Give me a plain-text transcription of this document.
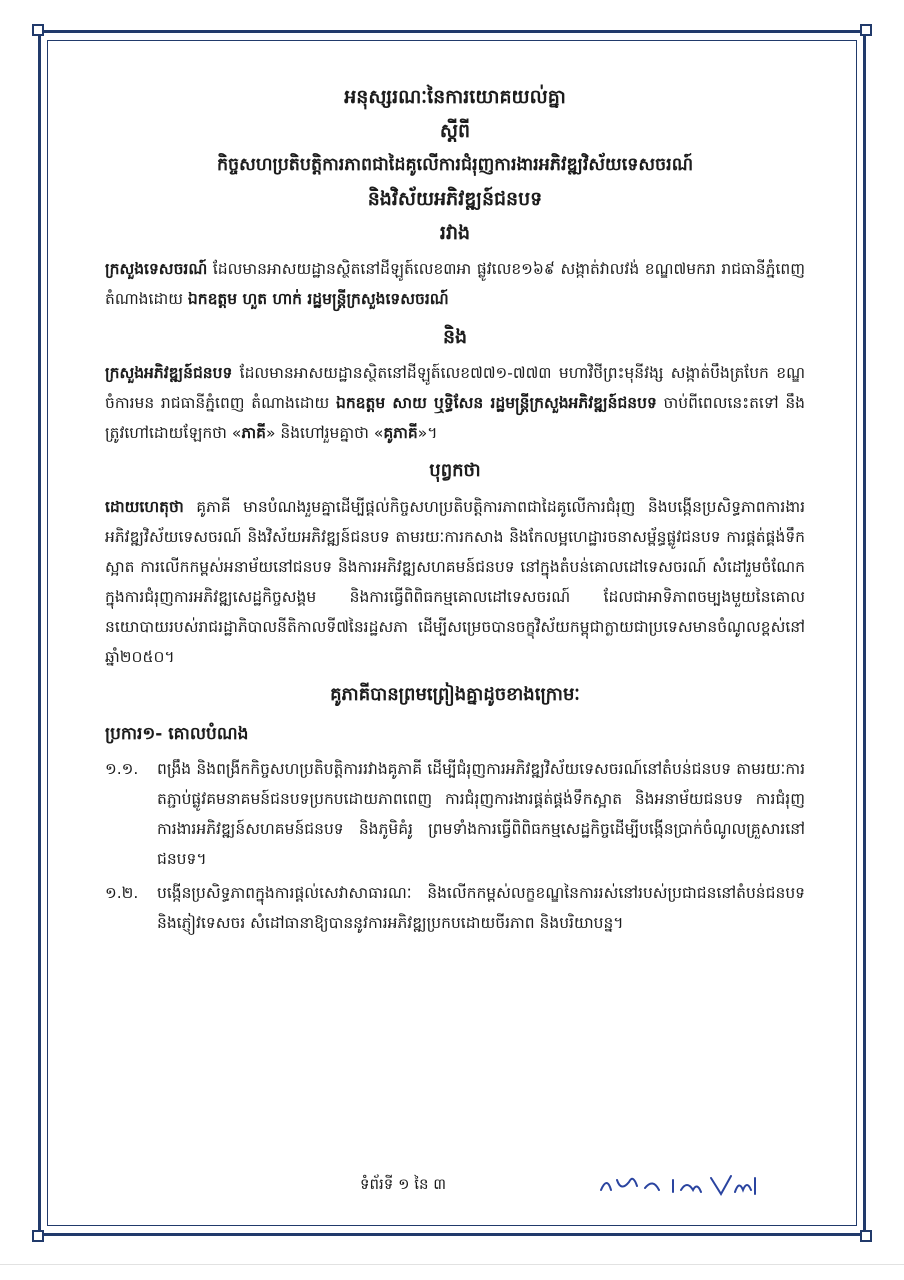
អនុស្សរណៈនៃការយោគយល់គ្នា

ស្តីពី

កិច្ចសហប្រតិបត្តិការភាពជាដៃគូលើការជំរុញការងារអភិវឌ្ឍវិស័យទេសចរណ៍

និងវិស័យអភិវឌ្ឍន៍ជនបទ

រវាង

ក្រសួងទេសចរណ៍ ដែលមានអាសយដ្ឋានស្ថិតនៅដីឡូត៍លេខ៣អា ផ្លូវលេខ១៦៩ សង្កាត់វាលវង់ ខណ្ឌ៧មករា រាជធានីភ្នំពេញ តំណាងដោយ ឯកឧត្តម ហួត ហាក់ រដ្ឋមន្ត្រីក្រសួងទេសចរណ៍

និង

ក្រសួងអភិវឌ្ឍន៍ជនបទ ដែលមានអាសយដ្ឋានស្ថិតនៅដីឡូត៍លេខ៧៧១-៧៧៣ មហាវិថីព្រះមុនីវង្ស សង្កាត់បឹងត្របែក ខណ្ឌចំការមន រាជធានីភ្នំពេញ តំណាងដោយ ឯកឧត្តម សាយ ឬទ្ធិសែន រដ្ឋមន្ត្រីក្រសួងអភិវឌ្ឍន៍ជនបទ ចាប់ពីពេលនេះតទៅ នឹងត្រូវហៅដោយឡែកថា «ភាគី» និងហៅរួមគ្នាថា «គូភាគី»។

បុព្វកថា

ដោយហេតុថា គូភាគី មានបំណងរួមគ្នាដើម្បីផ្តល់កិច្ចសហប្រតិបត្តិការភាពជាដៃគូលើការជំរុញ និងបង្កើនប្រសិទ្ធភាពការងារអភិវឌ្ឍវិស័យទេសចរណ៍ និងវិស័យអភិវឌ្ឍន៍ជនបទ តាមរយៈការកសាង និងកែលម្អហេដ្ឋារចនាសម្ព័ន្ធផ្លូវជនបទ ការផ្គត់ផ្គង់ទឹកស្អាត ការលើកកម្ពស់អនាម័យនៅជនបទ និងការអភិវឌ្ឍសហគមន៍ជនបទ នៅក្នុងតំបន់គោលដៅទេសចរណ៍ សំដៅរួមចំណែកក្នុងការជំរុញការអភិវឌ្ឍសេដ្ឋកិច្ចសង្គម និងការធ្វើពិពិធកម្មគោលដៅទេសចរណ៍ ដែលជាអាទិភាពចម្បងមួយនៃគោលនយោបាយរបស់រាជរដ្ឋាភិបាលនីតិកាលទី៧នៃរដ្ឋសភា ដើម្បីសម្រេចបានចក្ខុវិស័យកម្ពុជាក្លាយជាប្រទេសមានចំណូលខ្ពស់នៅឆ្នាំ២០៥០។

គូភាគីបានព្រមព្រៀងគ្នាដូចខាងក្រោមៈ

ប្រការ១- គោលបំណង

១.១.	ពង្រឹង និងពង្រីកកិច្ចសហប្រតិបត្តិការរវាងគូភាគី ដើម្បីជំរុញការអភិវឌ្ឍវិស័យទេសចរណ៍នៅតំបន់ជនបទ តាមរយៈការតភ្ជាប់ផ្លូវគមនាគមន៍ជនបទប្រកបដោយភាពពេញ ការជំរុញការងារផ្គត់ផ្គង់ទឹកស្អាត និងអនាម័យជនបទ ការជំរុញការងារអភិវឌ្ឍន៍សហគមន៍ជនបទ និងភូមិគំរូ ព្រមទាំងការធ្វើពិពិធកម្មសេដ្ឋកិច្ចដើម្បីបង្កើនប្រាក់ចំណូលគ្រួសារនៅជនបទ។
១.២.	បង្កើនប្រសិទ្ធភាពក្នុងការផ្តល់សេវាសាធារណៈ និងលើកកម្ពស់លក្ខខណ្ឌនៃការរស់នៅរបស់ប្រជាជននៅតំបន់ជនបទ និងភ្ញៀវទេសចរ សំដៅធានាឱ្យបាននូវការអភិវឌ្ឍប្រកបដោយចីរភាព និងបរិយាបន្ន។
ទំព័រទី ១ នៃ ៣
